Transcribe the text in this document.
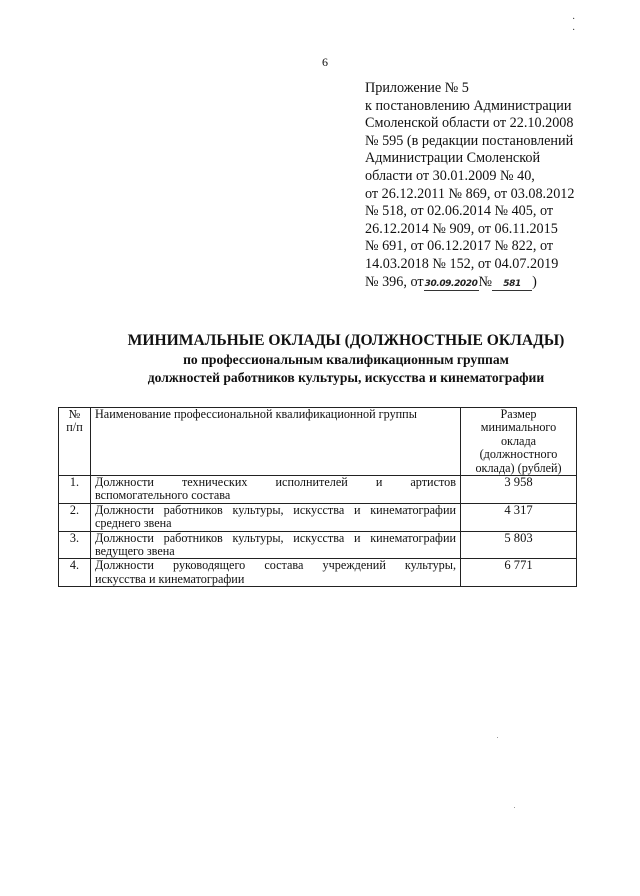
· ·
6
Приложение № 5
к постановлению Администрации
Смоленской области от 22.10.2008
№ 595 (в редакции постановлений
Администрации Смоленской
области от 30.01.2009 № 40,
от 26.12.2011 № 869, от 03.08.2012
№ 518, от 02.06.2014 № 405, от
26.12.2014 № 909, от 06.11.2015
№ 691, от 06.12.2017 № 822, от
14.03.2018 № 152, от 04.07.2019
№ 396, от30.09.2020№ 581 )
МИНИМАЛЬНЫЕ ОКЛАДЫ (ДОЛЖНОСТНЫЕ ОКЛАДЫ)
по профессиональным квалификационным группам
должностей работников культуры, искусства и кинематографии
№ п/п	Наименование профессиональной квалификационной группы	Размер минимального оклада (должностного оклада) (рублей)
1.	Должности технических исполнителей и артистов
вспомогательного состава	3 958
2.	Должности работников культуры, искусства и кинематографии
среднего звена	4 317
3.	Должности работников культуры, искусства и кинематографии
ведущего звена	5 803
4.	Должности руководящего состава учреждений культуры,
искусства и кинематографии	6 771
